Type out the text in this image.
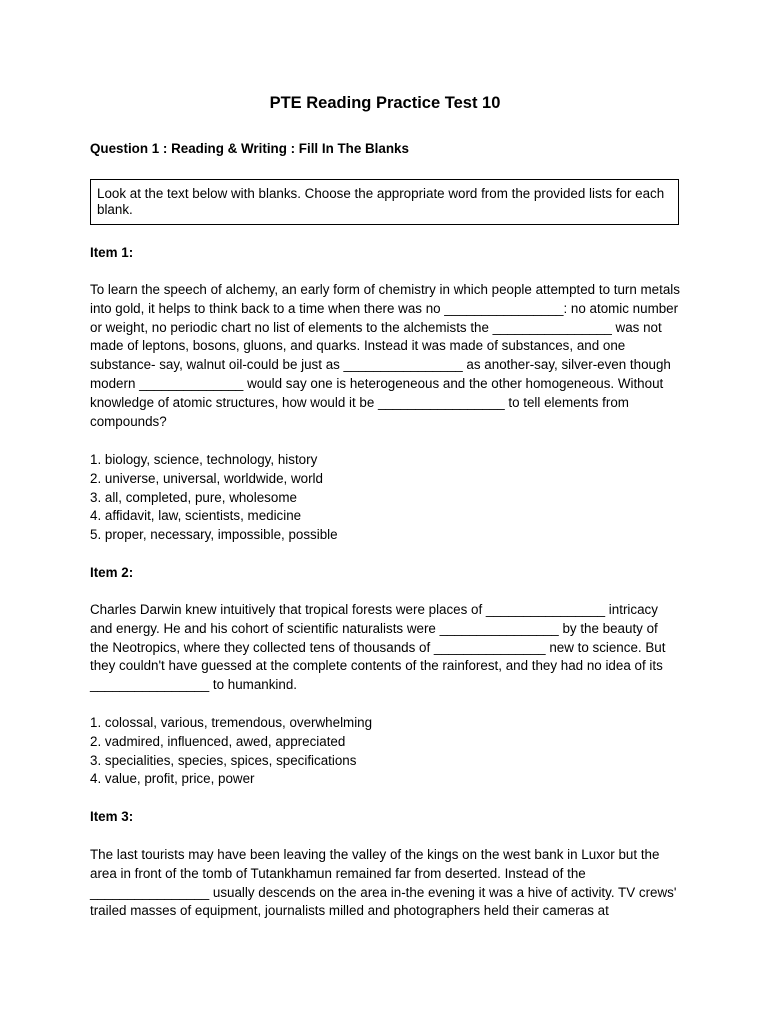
PTE Reading Practice Test 10
Question 1 : Reading & Writing : Fill In The Blanks
Look at the text below with blanks. Choose the appropriate word from the provided lists for each blank.
Item 1:

To learn the speech of alchemy, an early form of chemistry in which people attempted to turn metals into gold, it helps to think back to a time when there was no ________________: no atomic number or weight, no periodic chart no list of elements to the alchemists the ________________ was not made of leptons, bosons, gluons, and quarks. Instead it was made of substances, and one substance- say, walnut oil-could be just as ________________ as another-say, silver-even though modern ______________ would say one is heterogeneous and the other homogeneous. Without knowledge of atomic structures, how would it be _________________ to tell elements from compounds?

1. biology, science, technology, history
2. universe, universal, worldwide, world
3. all, completed, pure, wholesome
4. affidavit, law, scientists, medicine
5. proper, necessary, impossible, possible
Item 2:

Charles Darwin knew intuitively that tropical forests were places of ________________ intricacy and energy. He and his cohort of scientific naturalists were ________________ by the beauty of the Neotropics, where they collected tens of thousands of _______________ new to science. But they couldn't have guessed at the complete contents of the rainforest, and they had no idea of its ________________ to humankind.

1. colossal, various, tremendous, overwhelming
2. vadmired, influenced, awed, appreciated
3. specialities, species, spices, specifications
4. value, profit, price, power
Item 3:

The last tourists may have been leaving the valley of the kings on the west bank in Luxor but the area in front of the tomb of Tutankhamun remained far from deserted. Instead of the ________________ usually descends on the area in-the evening it was a hive of activity. TV crews' trailed masses of equipment, journalists milled and photographers held their cameras at
